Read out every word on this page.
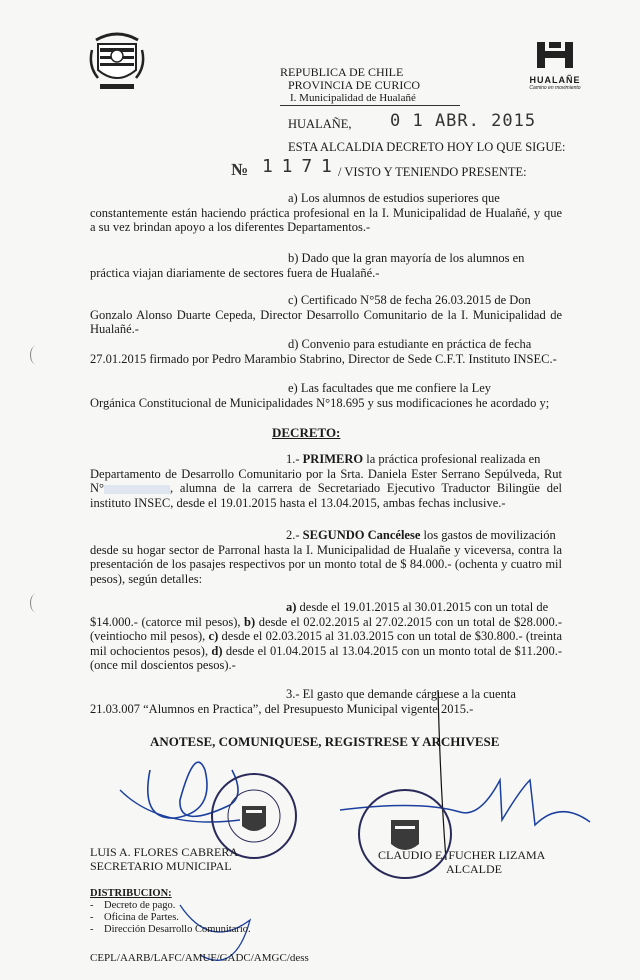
REPUBLICA DE CHILE
PROVINCIA DE CURICO
I. Municipalidad de Hualañé
HUALAÑE
Camino en movimiento
HUALAÑE, 0 1 ABR. 2015
ESTA ALCALDIA DECRETO HOY LO QUE SIGUE:
№ 1 1 7 1 / VISTO Y TENIENDO PRESENTE:
a) Los alumnos de estudios superiores que
constantemente están haciendo práctica profesional en la I. Municipalidad de Hualañé, y que a su vez brindan apoyo a los diferentes Departamentos.-
b) Dado que la gran mayoría de los alumnos en
práctica viajan diariamente de sectores fuera de Hualañé.-
c) Certificado N°58 de fecha 26.03.2015 de Don
Gonzalo Alonso Duarte Cepeda, Director Desarrollo Comunitario de la I. Municipalidad de Hualañé.-
d) Convenio para estudiante en práctica de fecha
27.01.2015 firmado por Pedro Marambio Stabrino, Director de Sede C.F.T. Instituto INSEC.-
e) Las facultades que me confiere la Ley
Orgánica Constitucional de Municipalidades N°18.695 y sus modificaciones he acordado y;
DECRETO:
1.- PRIMERO la práctica profesional realizada en
Departamento de Desarrollo Comunitario por la Srta. Daniela Ester Serrano Sepúlveda, Rut N°	, alumna de la carrera de Secretariado Ejecutivo Traductor Bilingüe del instituto INSEC, desde el 19.01.2015 hasta el 13.04.2015, ambas fechas inclusive.-
2.- SEGUNDO Cancélese los gastos de movilización
desde su hogar sector de Parronal hasta la I. Municipalidad de Hualañe y viceversa, contra la presentación de los pasajes respectivos por un monto total de $ 84.000.- (ochenta y cuatro mil pesos), según detalles:
a) desde el 19.01.2015 al 30.01.2015 con un total de
$14.000.- (catorce mil pesos), b) desde el 02.02.2015 al 27.02.2015 con un total de $28.000.- (veintiocho mil pesos), c) desde el 02.03.2015 al 31.03.2015 con un total de $30.800.- (treinta mil ochocientos pesos), d) desde el 01.04.2015 al 13.04.2015 con un monto total de $11.200.- (once mil doscientos pesos).-
3.- El gasto que demande cárguese a la cuenta
21.03.007 “Alumnos en Practica”, del Presupuesto Municipal vigente 2015.-
ANOTESE, COMUNIQUESE, REGISTRESE Y ARCHIVESE
LUIS A. FLORES CABRERA
SECRETARIO MUNICIPAL
CLAUDIO E. FUCHER LIZAMA
ALCALDE
DISTRIBUCION:
-    Decreto de pago.
-    Oficina de Partes.
-    Dirección Desarrollo Comunitario.
CEPL/AARB/LAFC/AMUF/GADC/AMGC/dess
